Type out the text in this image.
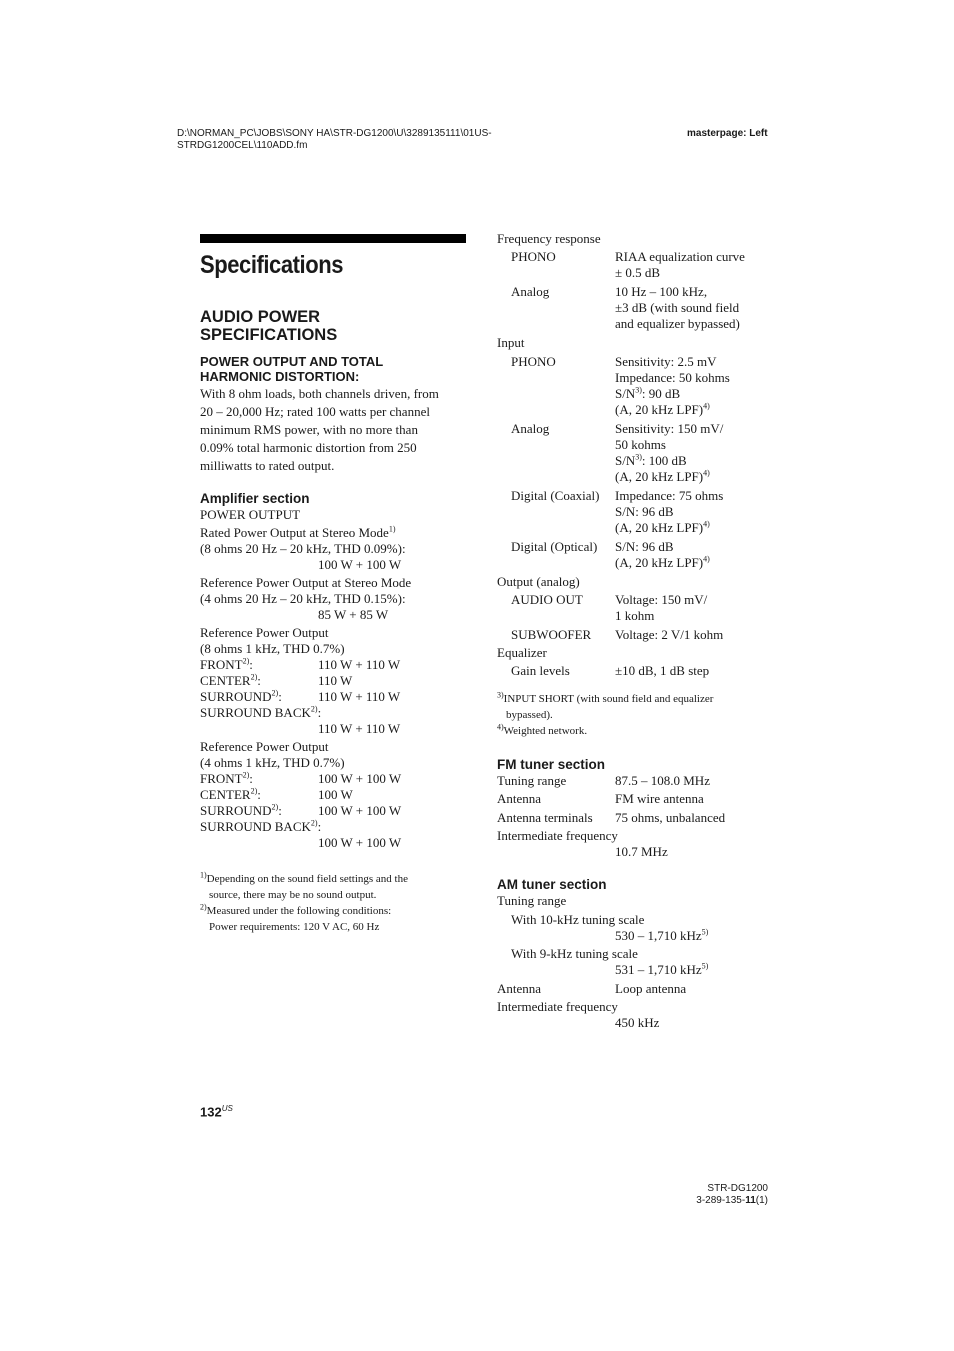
D:\NORMAN_PC\JOBS\SONY HA\STR-DG1200\U\3289135111\01US-
STRDG1200CEL\110ADD.fm
masterpage: Left
Specifications
AUDIO POWER
SPECIFICATIONS
POWER OUTPUT AND TOTAL
HARMONIC DISTORTION:
With 8 ohm loads, both channels driven, from
20 – 20,000 Hz; rated 100 watts per channel
minimum RMS power, with no more than
0.09% total harmonic distortion from 250
milliwatts to rated output.
Amplifier section
POWER OUTPUT
Rated Power Output at Stereo Mode$^{1)}$
(8 ohms 20 Hz – 20 kHz, THD 0.09%):
100 W + 100 W
Reference Power Output at Stereo Mode
(4 ohms 20 Hz – 20 kHz, THD 0.15%):
85 W + 85 W
Reference Power Output
(8 ohms 1 kHz, THD 0.7%)
FRONT$^{2)}$:	110 W + 110 W
CENTER$^{2)}$:	110 W
SURROUND$^{2)}$:	110 W + 110 W
SURROUND BACK$^{2)}$:
110 W + 110 W
Reference Power Output
(4 ohms 1 kHz, THD 0.7%)
FRONT$^{2)}$:	100 W + 100 W
CENTER$^{2)}$:	100 W
SURROUND$^{2)}$:	100 W + 100 W
SURROUND BACK$^{2)}$:
100 W + 100 W
$^{1)}$Depending on the sound field settings and the
source, there may be no sound output.
$^{2)}$Measured under the following conditions:
Power requirements: 120 V AC, 60 Hz
Frequency response
PHONO	RIAA equalization curve
± 0.5 dB
Analog	10 Hz – 100 kHz,
±3 dB (with sound field
and equalizer bypassed)
Input
PHONO	Sensitivity: 2.5 mV
Impedance: 50 kohms
$S/N^{3)}$: 90 dB
(A, 20 kHz LPF)$^{4)}$
Analog	Sensitivity: 150 mV/
50 kohms
$S/N^{3)}$: 100 dB
(A, 20 kHz LPF)$^{4)}$
Digital (Coaxial)	Impedance: 75 ohms
S/N: 96 dB
(A, 20 kHz LPF)$^{4)}$
Digital (Optical)	S/N: 96 dB
(A, 20 kHz LPF)$^{4)}$
Output (analog)
AUDIO OUT	Voltage: 150 mV/
1 kohm
SUBWOOFER	Voltage: 2 V/1 kohm
Equalizer
Gain levels	±10 dB, 1 dB step
$^{3)}$INPUT SHORT (with sound field and equalizer
bypassed).
$^{4)}$Weighted network.
FM tuner section
Tuning range	87.5 – 108.0 MHz
Antenna	FM wire antenna
Antenna terminals	75 ohms, unbalanced
Intermediate frequency
10.7 MHz
AM tuner section
Tuning range
With 10-kHz tuning scale
530 – 1,710 kHz$^{5)}$
With 9-kHz tuning scale
531 – 1,710 kHz$^{5)}$
Antenna	Loop antenna
Intermediate frequency
450 kHz
$132^{US}$
STR-DG1200
3-289-135-11(1)
